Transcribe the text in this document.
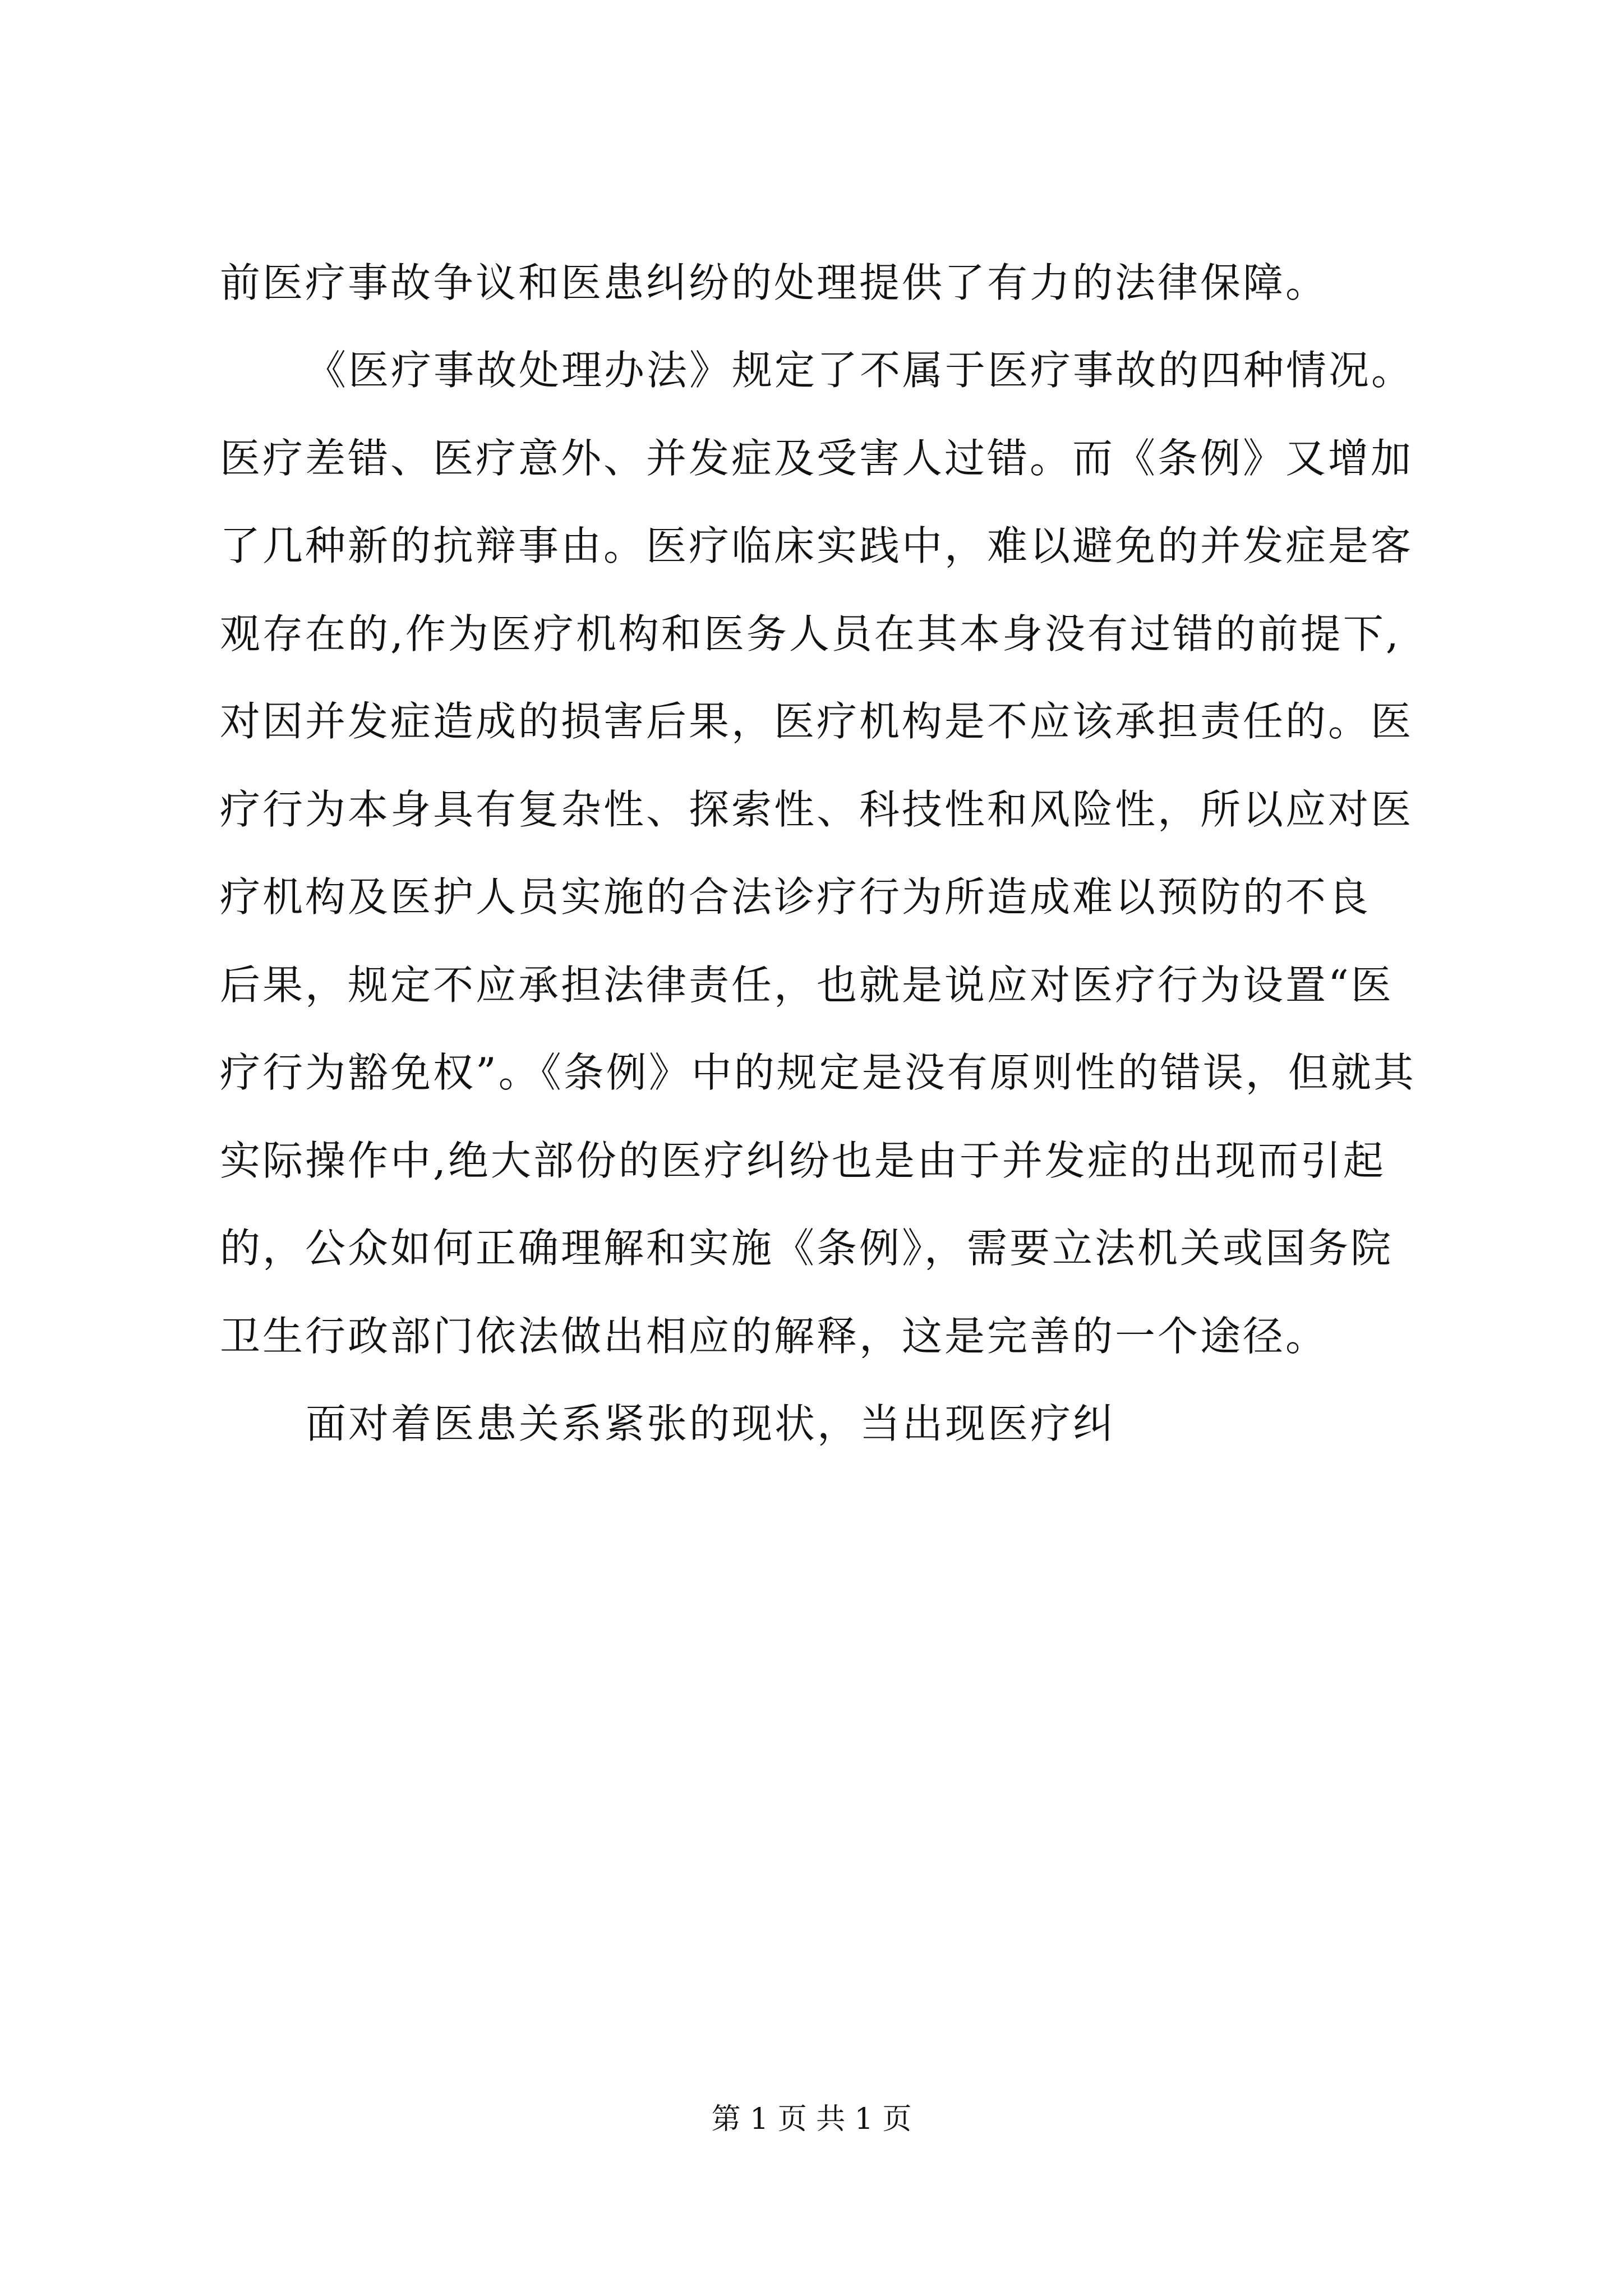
前医疗事故争议和医患纠纷的处理提供了有力的法律保障。
《医疗事故处理办法》规定了不属于医疗事故的四种情况。
医疗差错、医疗意外、并发症及受害人过错。而《条例》又增加
了几种新的抗辩事由。医疗临床实践中，难以避免的并发症是客
观存在的,作为医疗机构和医务人员在其本身没有过错的前提下,
对因并发症造成的损害后果，医疗机构是不应该承担责任的。医
疗行为本身具有复杂性、探索性、科技性和风险性，所以应对医
疗机构及医护人员实施的合法诊疗行为所造成难以预防的不良
后果，规定不应承担法律责任，也就是说应对医疗行为设置“医
疗行为豁免权”。《条例》中的规定是没有原则性的错误，但就其
实际操作中,绝大部份的医疗纠纷也是由于并发症的出现而引起
的，公众如何正确理解和实施《条例》，需要立法机关或国务院
卫生行政部门依法做出相应的解释，这是完善的一个途径。
面对着医患关系紧张的现状，当出现医疗纠
第 1 页 共 1 页
